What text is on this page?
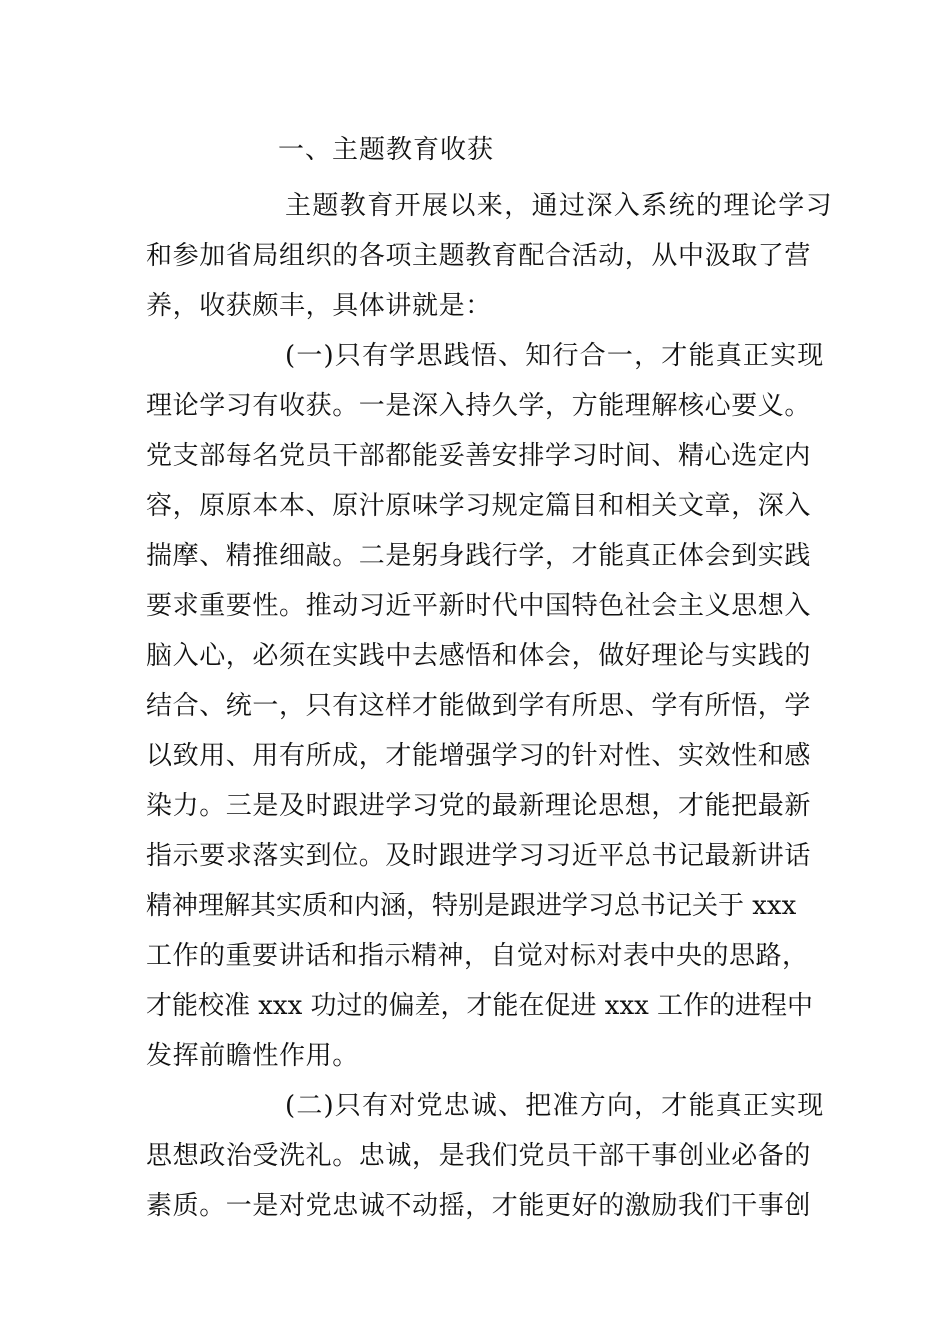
一、主题教育收获
主题教育开展以来，通过深入系统的理论学习
和参加省局组织的各项主题教育配合活动，从中汲取了营
养，收获颇丰，具体讲就是：
(一)只有学思践悟、知行合一，才能真正实现
理论学习有收获。一是深入持久学，方能理解核心要义。
党支部每名党员干部都能妥善安排学习时间、精心选定内
容，原原本本、原汁原味学习规定篇目和相关文章，深入
揣摩、精推细敲。二是躬身践行学，才能真正体会到实践
要求重要性。推动习近平新时代中国特色社会主义思想入
脑入心，必须在实践中去感悟和体会，做好理论与实践的
结合、统一，只有这样才能做到学有所思、学有所悟，学
以致用、用有所成，才能增强学习的针对性、实效性和感
染力。三是及时跟进学习党的最新理论思想，才能把最新
指示要求落实到位。及时跟进学习习近平总书记最新讲话
精神理解其实质和内涵，特别是跟进学习总书记关于 xxx
工作的重要讲话和指示精神，自觉对标对表中央的思路，
才能校准 xxx 功过的偏差，才能在促进 xxx 工作的进程中
发挥前瞻性作用。
(二)只有对党忠诚、把准方向，才能真正实现
思想政治受洗礼。忠诚，是我们党员干部干事创业必备的
素质。一是对党忠诚不动摇，才能更好的激励我们干事创
